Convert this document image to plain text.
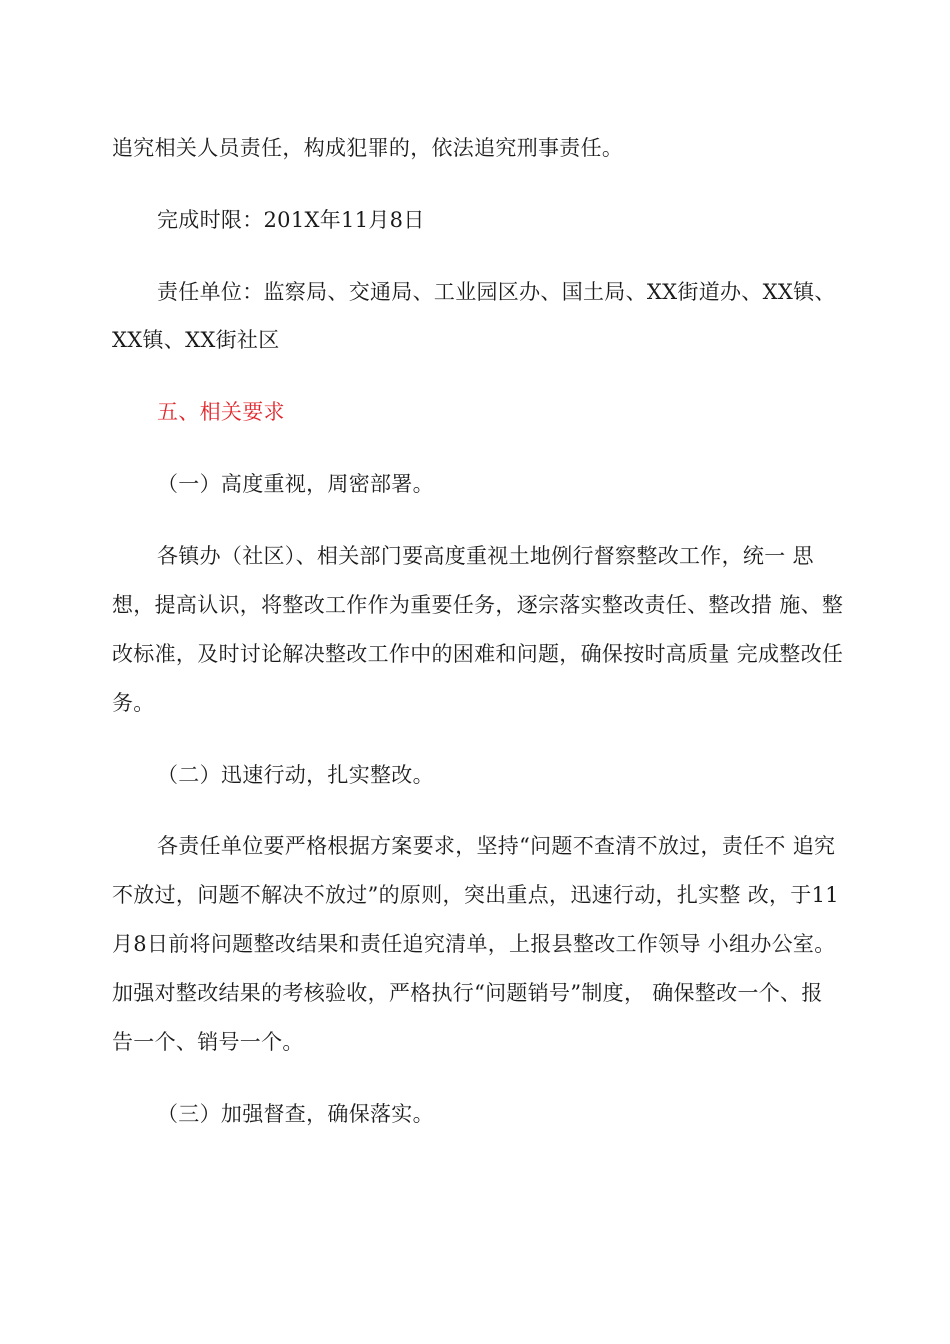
追究相关人员责任，构成犯罪的，依法追究刑事责任。
完成时限：201X年11月8日
责任单位：监察局、交通局、工业园区办、国土局、XX街道办、XX镇、
XX镇、XX街社区
五、相关要求
（一）高度重视，周密部署。
各镇办（社区）、相关部门要高度重视土地例行督察整改工作，统一 思
想，提高认识，将整改工作作为重要任务，逐宗落实整改责任、整改措 施、整
改标准，及时讨论解决整改工作中的困难和问题，确保按时高质量 完成整改任
务。
（二）迅速行动，扎实整改。
各责任单位要严格根据方案要求，坚持“问题不查清不放过，责任不 追究
不放过，问题不解决不放过”的原则，突出重点，迅速行动，扎实整 改，于11
月8日前将问题整改结果和责任追究清单，上报县整改工作领导 小组办公室。
加强对整改结果的考核验收，严格执行“问题销号”制度， 确保整改一个、报
告一个、销号一个。
（三）加强督查，确保落实。
